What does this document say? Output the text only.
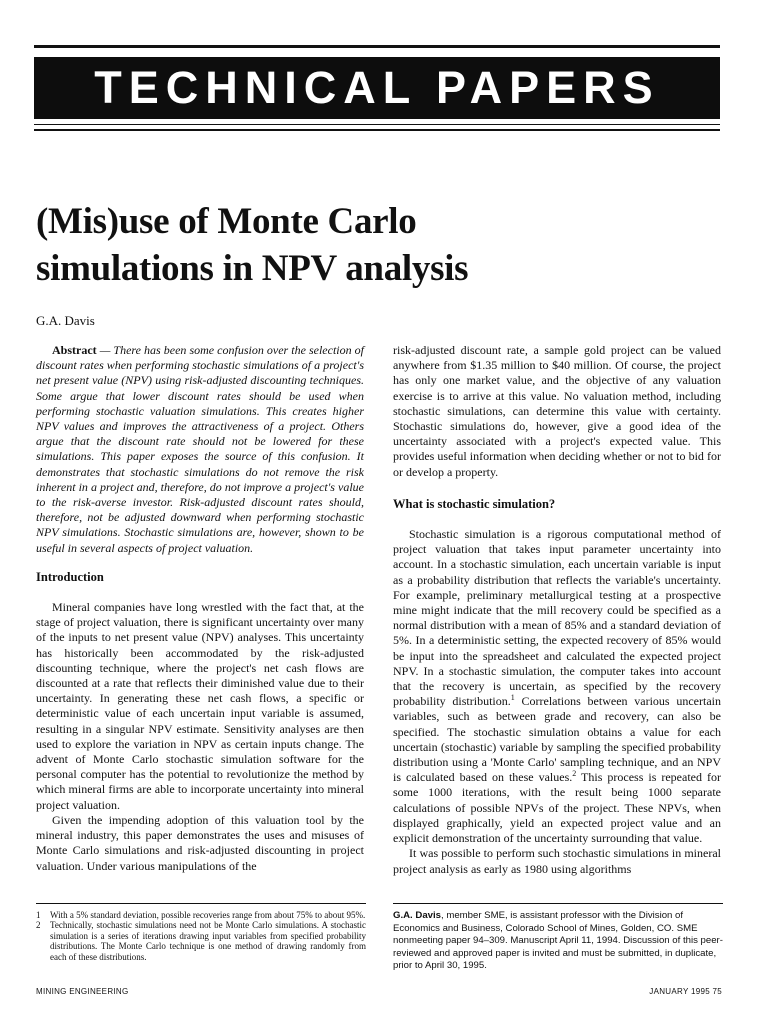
TECHNICAL PAPERS
(Mis)use of Monte Carlo
simulations in NPV analysis
G.A. Davis

Abstract — There has been some confusion over the selection of discount rates when performing stochastic simulations of a project's net present value (NPV) using risk-adjusted discounting techniques. Some argue that lower discount rates should be used when performing stochastic valuation simulations. This creates higher NPV values and improves the attractiveness of a project. Others argue that the discount rate should not be lowered for these simulations. This paper exposes the source of this confusion. It demonstrates that stochastic simulations do not remove the risk inherent in a project and, therefore, do not improve a project's value to the risk-averse investor. Risk-adjusted discount rates should, therefore, not be adjusted downward when performing stochastic NPV simulations. Stochastic simulations are, however, shown to be useful in several aspects of project valuation.

Introduction

Mineral companies have long wrestled with the fact that, at the stage of project valuation, there is significant uncertainty over many of the inputs to net present value (NPV) analyses. This uncertainty has historically been accommodated by the risk-adjusted discounting technique, where the project's net cash flows are discounted at a rate that reflects their diminished value due to their uncertainty. In generating these net cash flows, a specific or deterministic value of each uncertain input variable is assumed, resulting in a singular NPV estimate. Sensitivity analyses are then used to explore the variation in NPV as certain inputs change. The advent of Monte Carlo stochastic simulation software for the personal computer has the potential to revolutionize the method by which mineral firms are able to incorporate uncertainty into mineral project valuation.

Given the impending adoption of this valuation tool by the mineral industry, this paper demonstrates the uses and misuses of Monte Carlo simulations and risk-adjusted discounting in project valuation. Under various manipulations of the

risk-adjusted discount rate, a sample gold project can be valued anywhere from $1.35 million to $40 million. Of course, the project has only one market value, and the objective of any valuation exercise is to arrive at this value. No valuation method, including stochastic simulations, can determine this value with certainty. Stochastic simulations do, however, give a good idea of the uncertainty associated with a project's expected value. This provides useful information when deciding whether or not to bid for or develop a property.

What is stochastic simulation?

Stochastic simulation is a rigorous computational method of project valuation that takes input parameter uncertainty into account. In a stochastic simulation, each uncertain variable is input as a probability distribution that reflects the variable's uncertainty. For example, preliminary metallurgical testing at a prospective mine might indicate that the mill recovery could be specified as a normal distribution with a mean of 85% and a standard deviation of 5%. In a deterministic setting, the expected recovery of 85% would be input into the spreadsheet and calculated the expected project NPV. In a stochastic simulation, the computer takes into account that the recovery is uncertain, as specified by the recovery probability distribution.$^1$ Correlations between various uncertain variables, such as between grade and recovery, can also be specified. The stochastic simulation obtains a value for each uncertain (stochastic) variable by sampling the specified probability distribution using a 'Monte Carlo' sampling technique, and an NPV is calculated based on these values.$^2$ This process is repeated for some 1000 iterations, with the result being 1000 separate calculations of possible NPVs of the project. These NPVs, when displayed graphically, yield an expected project value and an explicit demonstration of the uncertainty surrounding that value.

It was possible to perform such stochastic simulations in mineral project analysis as early as 1980 using algorithms

1	With a 5% standard deviation, possible recoveries range from about 75% to about 95%.
2	Technically, stochastic simulations need not be Monte Carlo simulations. A stochastic simulation is a series of iterations drawing input variables from specified probability distributions. The Monte Carlo technique is one method of drawing randomly from each of these distributions.
G.A. Davis, member SME, is assistant professor with the Division of Economics and Business, Colorado School of Mines, Golden, CO. SME nonmeeting paper 94–309. Manuscript April 11, 1994. Discussion of this peer-reviewed and approved paper is invited and must be submitted, in duplicate, prior to April 30, 1995.
MINING ENGINEERING	JANUARY 1995 75
